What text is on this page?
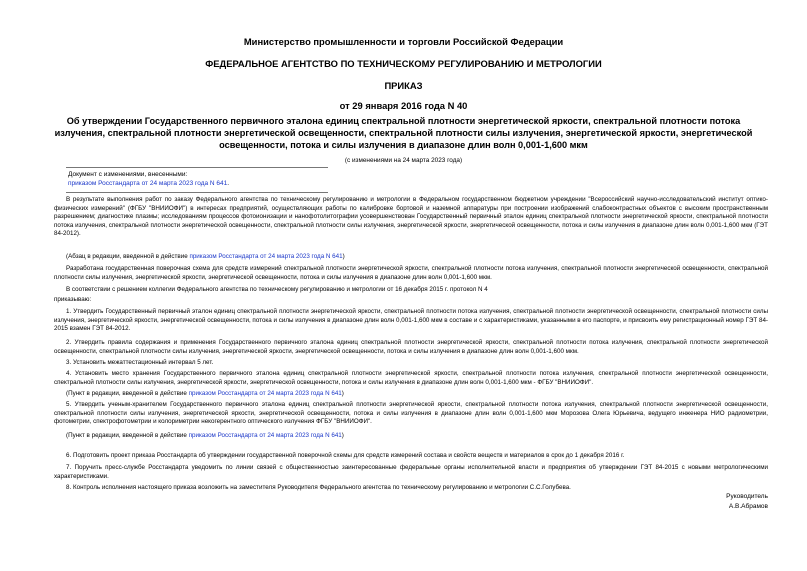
Министерство промышленности и торговли Российской Федерации
ФЕДЕРАЛЬНОЕ АГЕНТСТВО ПО ТЕХНИЧЕСКОМУ РЕГУЛИРОВАНИЮ И МЕТРОЛОГИИ
ПРИКАЗ
от 29 января 2016 года N 40
Об утверждении Государственного первичного эталона единиц спектральной плотности энергетической яркости, спектральной плотности потока излучения, спектральной плотности энергетической освещенности, спектральной плотности силы излучения, энергетической яркости, энергетической освещенности, потока и силы излучения в диапазоне длин волн 0,001-1,600 мкм
(с изменениями на 24 марта 2023 года)
Документ с изменениями, внесенными:
приказом Росстандарта от 24 марта 2023 года N 641.
В результате выполнения работ по заказу Федерального агентства по техническому регулированию и метрологии в Федеральном государственном бюджетном учреждении "Всероссийский научно-исследовательский институт оптико-физических измерений" (ФГБУ "ВНИИОФИ") в интересах предприятий, осуществляющих работы по калибровке бортовой и наземной аппаратуры при построении изображений слабоконтрастных объектов с высоким пространственным разрешением; диагностике плазмы; исследованиям процессов фотоионизации и нанофотолитографии усовершенствован Государственный первичный эталон единиц спектральной плотности энергетической яркости, спектральной плотности потока излучения, спектральной плотности энергетической освещенности, спектральной плотности силы излучения, энергетической яркости, энергетической освещенности, потока и силы излучения в диапазоне длин волн 0,001-1,600 мкм (ГЭТ 84-2012).
(Абзац в редакции, введенной в действие приказом Росстандарта от 24 марта 2023 года N 641)
Разработана государственная поверочная схема для средств измерений спектральной плотности энергетической яркости, спектральной плотности потока излучения, спектральной плотности энергетической освещенности, спектральной плотности силы излучения, энергетической яркости, энергетической освещенности, потока и силы излучения в диапазоне длин волн 0,001-1,600 мкм.
В соответствии с решением коллегии Федерального агентства по техническому регулированию и метрологии от 16 декабря 2015 г. протокол N 4
приказываю:
1. Утвердить Государственный первичный эталон единиц спектральной плотности энергетической яркости, спектральной плотности потока излучения, спектральной плотности энергетической освещенности, спектральной плотности силы излучения, энергетической яркости, энергетической освещенности, потока и силы излучения в диапазоне длин волн 0,001-1,600 мкм в составе и с характеристиками, указанными в его паспорте, и присвоить ему регистрационный номер ГЭТ 84-2015 взамен ГЭТ 84-2012.
2. Утвердить правила содержания и применения Государственного первичного эталона единиц спектральной плотности энергетической яркости, спектральной плотности потока излучения, спектральной плотности энергетической освещенности, спектральной плотности силы излучения, энергетической яркости, энергетической освещенности, потока и силы излучения в диапазоне длин волн 0,001-1,600 мкм.
3. Установить межаттестационный интервал 5 лет.
4. Установить место хранения Государственного первичного эталона единиц спектральной плотности энергетической яркости, спектральной плотности потока излучения, спектральной плотности энергетической освещенности, спектральной плотности силы излучения, энергетической яркости, энергетической освещенности, потока и силы излучения в диапазоне длин волн 0,001-1,600 мкм - ФГБУ "ВНИИОФИ".
(Пункт в редакции, введенной в действие приказом Росстандарта от 24 марта 2023 года N 641)
5. Утвердить ученым-хранителем Государственного первичного эталона единиц спектральной плотности энергетической яркости, спектральной плотности потока излучения, спектральной плотности энергетической освещенности, спектральной плотности силы излучения, энергетической яркости, энергетической освещенности, потока и силы излучения в диапазоне длин волн 0,001-1,600 мкм Морозова Олега Юрьевича, ведущего инженера НИО радиометрии, фотометрии, спектрофотометрии и колориметрии некогерентного оптического излучения ФГБУ "ВНИИОФИ".
(Пункт в редакции, введенной в действие приказом Росстандарта от 24 марта 2023 года N 641)
6. Подготовить проект приказа Росстандарта об утверждении государственной поверочной схемы для средств измерений состава и свойств веществ и материалов в срок до 1 декабря 2016 г.
7. Поручить пресс-службе Росстандарта уведомить по линии связей с общественностью заинтересованные федеральные органы исполнительной власти и предприятия об утверждении ГЭТ 84-2015 с новыми метрологическими характеристиками.
8. Контроль исполнения настоящего приказа возложить на заместителя Руководителя Федерального агентства по техническому регулированию и метрологии С.С.Голубева.
Руководитель
А.В.Абрамов
